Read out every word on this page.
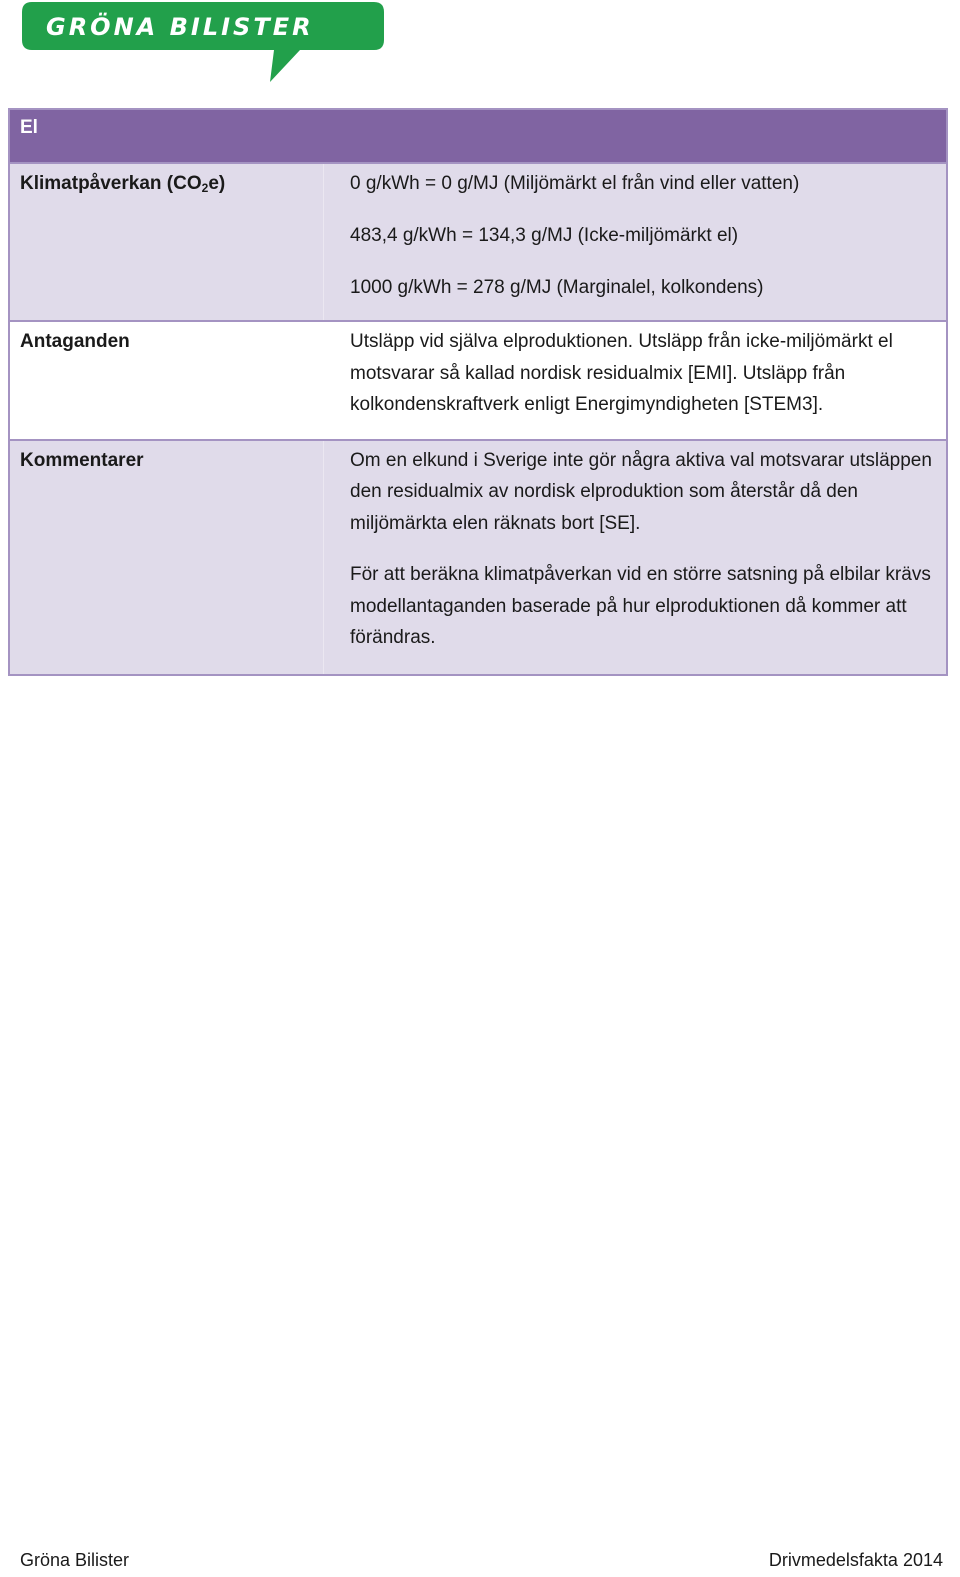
GRÖNA BILISTER
El
Klimatpåverkan $(CO_2e)$	0 g/kWh = 0 g/MJ (Miljömärkt el från vind eller vatten)
483,4 g/kWh = 134,3 g/MJ (Icke-miljömärkt el)
1000 g/kWh = 278 g/MJ (Marginalel, kolkondens)
Antaganden	Utsläpp vid själva elproduktionen. Utsläpp från icke-miljömärkt el motsvarar så kallad nordisk residualmix [EMI]. Utsläpp från kolkondenskraftverk enligt Energimyndigheten [STEM3].

Kommentarer	Om en elkund i Sverige inte gör några aktiva val motsvarar utsläppen den residualmix av nordisk elproduktion som återstår då den miljömärkta elen räknats bort [SE].

För att beräkna klimatpåverkan vid en större satsning på elbilar krävs modellantaganden baserade på hur elproduktionen då kommer att förändras.

Gröna Bilister	Drivmedelsfakta 2014
